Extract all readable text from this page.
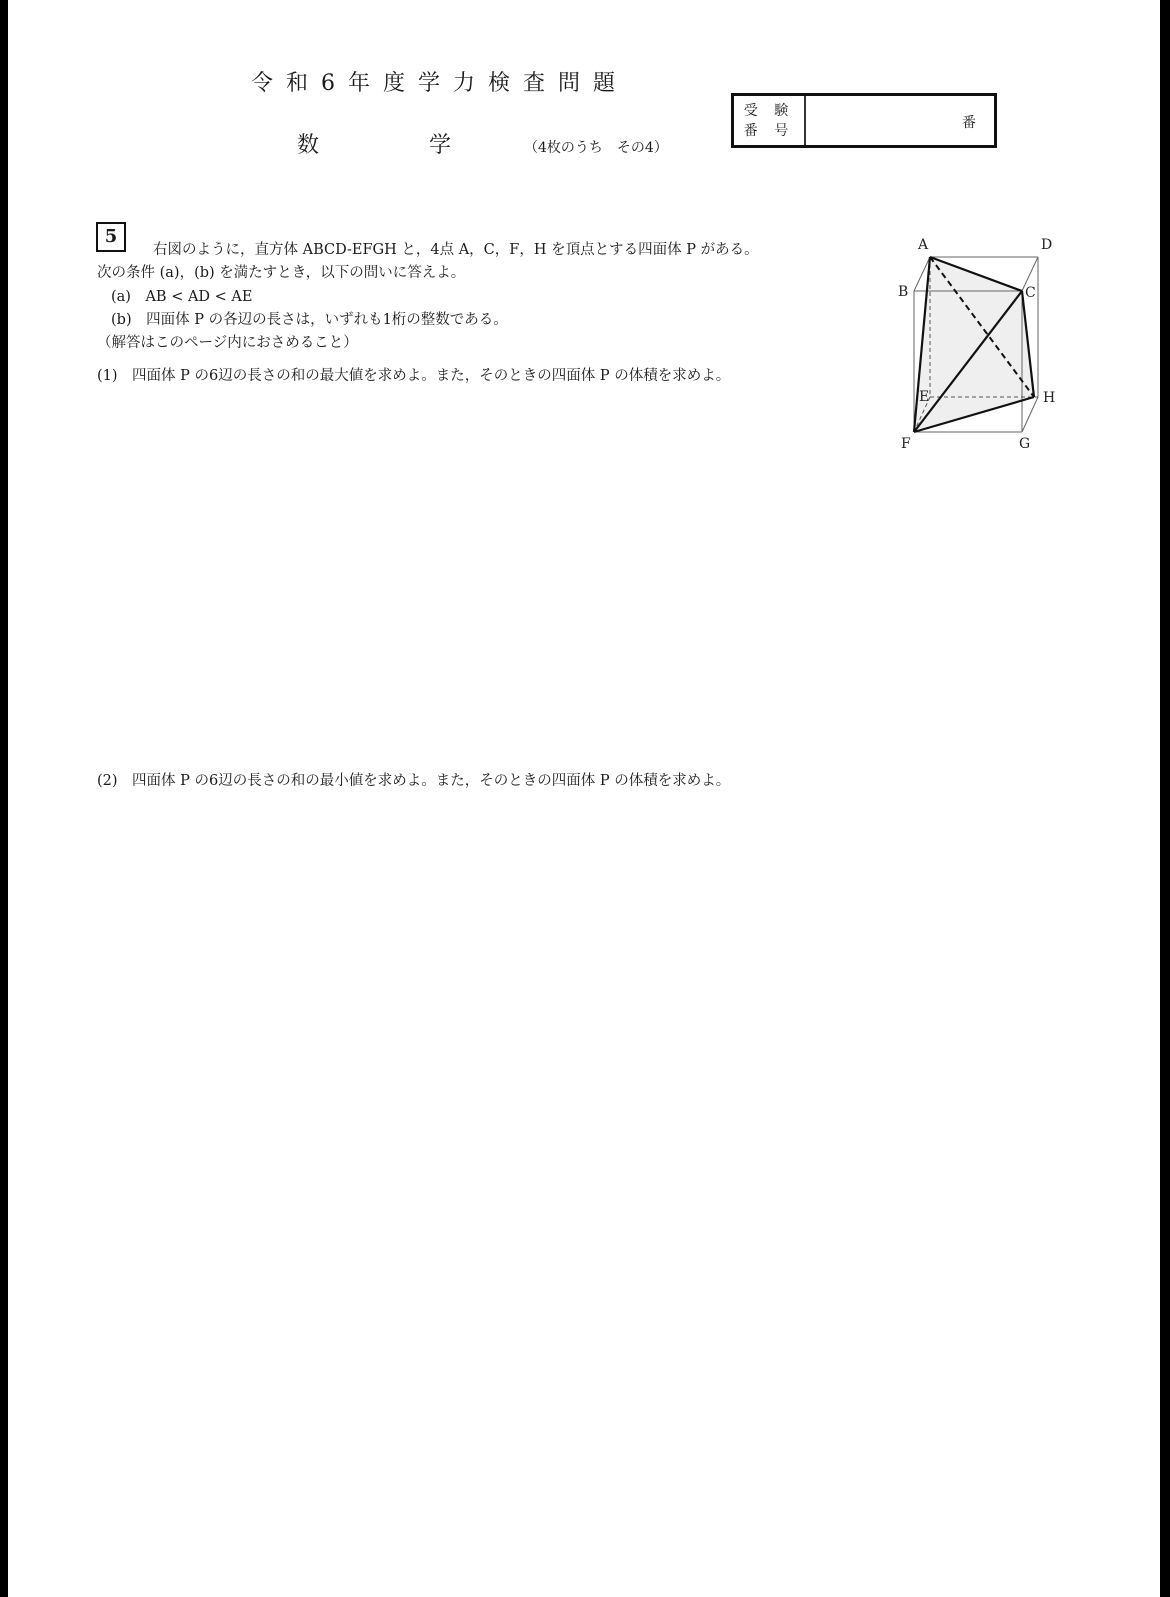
令和6年度学力検査問題
数	学	（4枚のうち　その4）
受 験
番 号	番
5
右図のように，直方体 ABCD-EFGH と，4点 A，C，F，H を頂点とする四面体 P がある。
次の条件 (a)，(b) を満たすとき，以下の問いに答えよ。
(a)　AB < AD < AE
(b)　四面体 P の各辺の長さは，いずれも1桁の整数である。
（解答はこのページ内におさめること）
(1)　四面体 P の6辺の長さの和の最大値を求めよ。また，そのときの四面体 P の体積を求めよ。
(2)　四面体 P の6辺の長さの和の最小値を求めよ。また，そのときの四面体 P の体積を求めよ。
A	D
B	C
E	H
F	G
